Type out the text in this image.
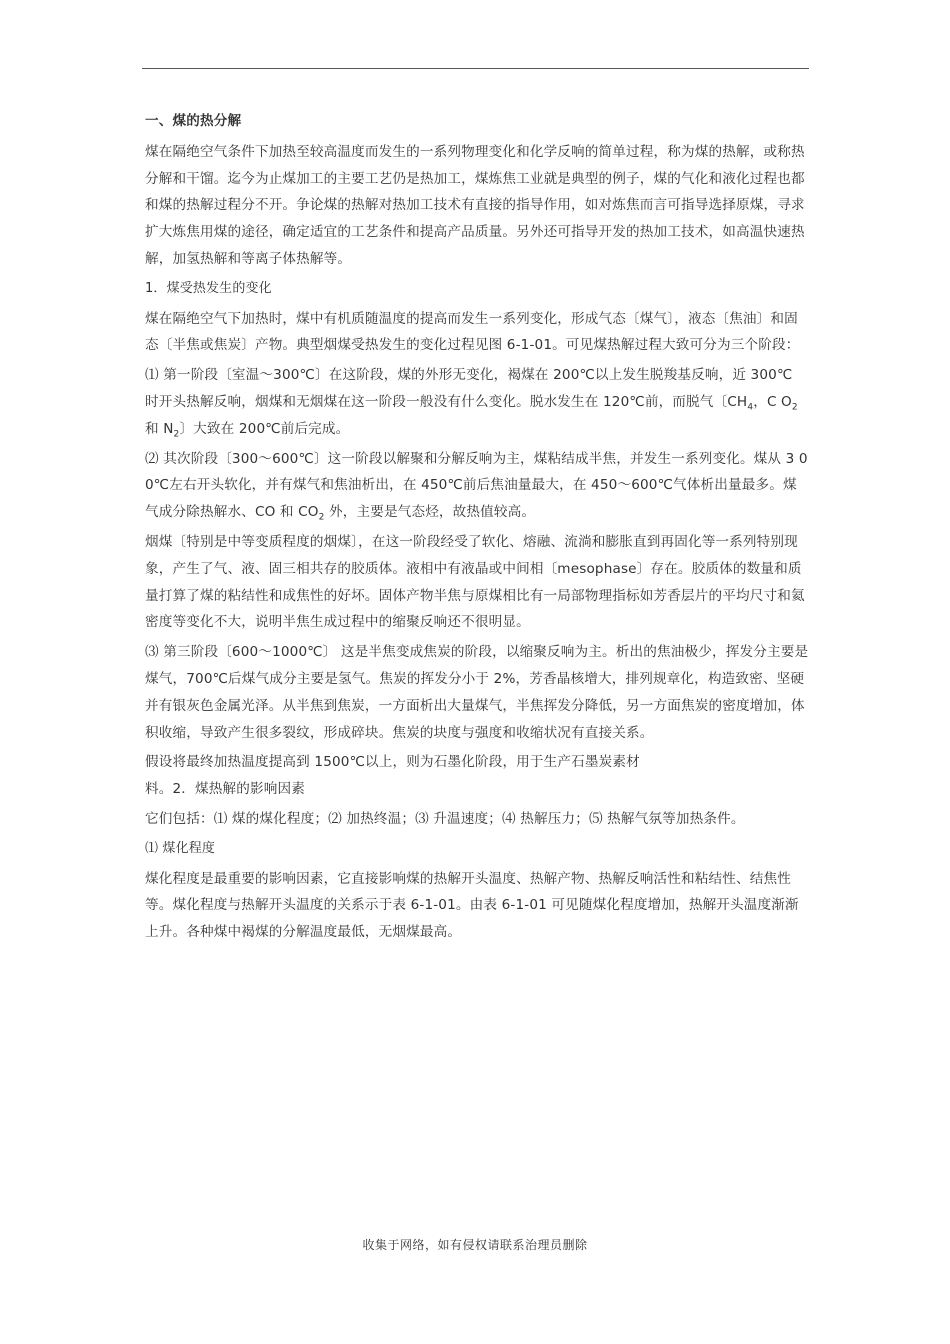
一、煤的热分解

煤在隔绝空气条件下加热至较高温度而发生的一系列物理变化和化学反响的简单过程，称为煤的热解，或称热分解和干馏。迄今为止煤加工的主要工艺仍是热加工，煤炼焦工业就是典型的例子，煤的气化和液化过程也都和煤的热解过程分不开。争论煤的热解对热加工技术有直接的指导作用，如对炼焦而言可指导选择原煤，寻求扩大炼焦用煤的途径，确定适宜的工艺条件和提高产品质量。另外还可指导开发的热加工技术，如高温快速热解，加氢热解和等离子体热解等。

1．煤受热发生的变化

煤在隔绝空气下加热时，煤中有机质随温度的提高而发生一系列变化，形成气态〔煤气〕，液态〔焦油〕和固态〔半焦或焦炭〕产物。典型烟煤受热发生的变化过程见图 6-1-01。可见煤热解过程大致可分为三个阶段：

⑴ 第一阶段〔室温～300℃〕在这阶段，煤的外形无变化，褐煤在 200℃以上发生脱羧基反响，近 300℃ 时开头热解反响，烟煤和无烟煤在这一阶段一般没有什么变化。脱水发生在 120℃前，而脱气〔$CH_4$，C $O_2$ 和 $N_2$〕大致在 200℃前后完成。

⑵ 其次阶段〔300～600℃〕这一阶段以解聚和分解反响为主，煤粘结成半焦，并发生一系列变化。煤从 3 00℃左右开头软化，并有煤气和焦油析出，在 450℃前后焦油量最大，在 450～600℃气体析出量最多。煤气成分除热解水、CO 和 $CO_2$ 外，主要是气态烃，故热值较高。

烟煤〔特别是中等变质程度的烟煤〕，在这一阶段经受了软化、熔融、流淌和膨胀直到再固化等一系列特别现象，产生了气、液、固三相共存的胶质体。液相中有液晶或中间相〔mesophase〕存在。胶质体的数量和质量打算了煤的粘结性和成焦性的好坏。固体产物半焦与原煤相比有一局部物理指标如芳香层片的平均尺寸和氦密度等变化不大，说明半焦生成过程中的缩聚反响还不很明显。

⑶ 第三阶段〔600～1000℃〕 这是半焦变成焦炭的阶段，以缩聚反响为主。析出的焦油极少，挥发分主要是煤气，700℃后煤气成分主要是氢气。焦炭的挥发分小于 2%，芳香晶核增大，排列规章化，构造致密、坚硬并有银灰色金属光泽。从半焦到焦炭，一方面析出大量煤气，半焦挥发分降低，另一方面焦炭的密度增加，体积收缩，导致产生很多裂纹，形成碎块。焦炭的块度与强度和收缩状况有直接关系。

假设将最终加热温度提高到 1500℃以上，则为石墨化阶段，用于生产石墨炭素材

料。2．煤热解的影响因素

它们包括：⑴ 煤的煤化程度；⑵ 加热终温；⑶ 升温速度；⑷ 热解压力；⑸ 热解气氛等加热条件。

⑴ 煤化程度

煤化程度是最重要的影响因素，它直接影响煤的热解开头温度、热解产物、热解反响活性和粘结性、结焦性等。煤化程度与热解开头温度的关系示于表 6-1-01。由表 6-1-01 可见随煤化程度增加，热解开头温度渐渐上升。各种煤中褐煤的分解温度最低，无烟煤最高。

收集于网络，如有侵权请联系治理员删除
